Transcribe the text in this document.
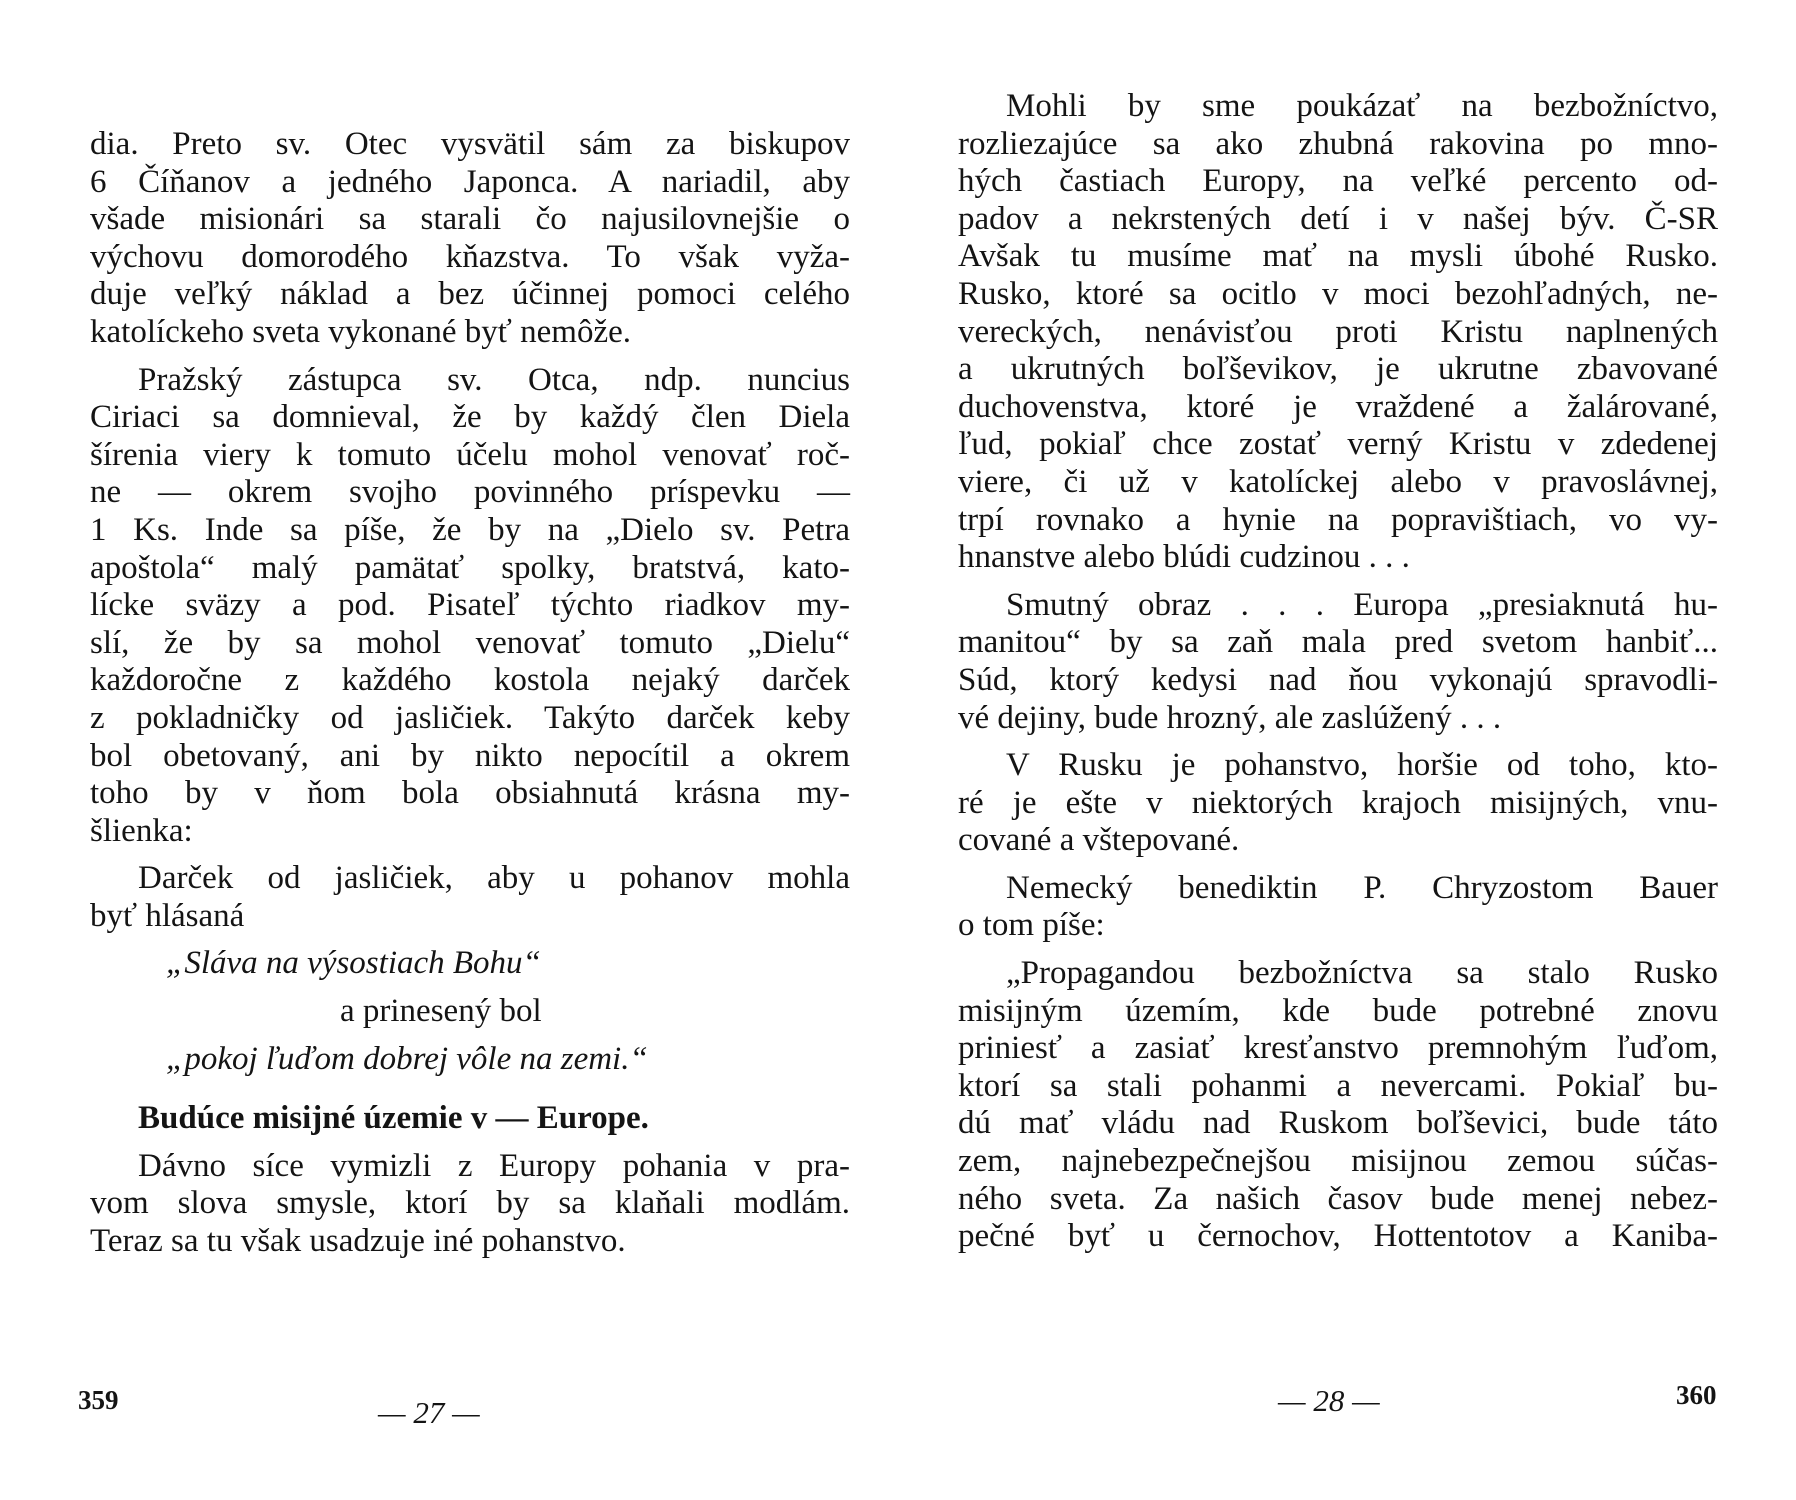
dia. Preto sv. Otec vysvätil sám za biskupov
6 Číňanov a jedného Japonca. A nariadil, aby
všade misionári sa starali čo najusilovnejšie o
výchovu domorodého kňazstva. To však vyža-
duje veľký náklad a bez účinnej pomoci celého
katolíckeho sveta vykonané byť nemôže.
Pražský zástupca sv. Otca, ndp. nuncius
Ciriaci sa domnieval, že by každý člen Diela
šírenia viery k tomuto účelu mohol venovať roč-
ne — okrem svojho povinného príspevku —
1 Ks. Inde sa píše, že by na „Dielo sv. Petra
apoštola“ malý pamätať spolky, bratstvá, kato-
lícke sväzy a pod. Pisateľ týchto riadkov my-
slí, že by sa mohol venovať tomuto „Dielu“
každoročne z každého kostola nejaký darček
z pokladničky od jasličiek. Takýto darček keby
bol obetovaný, ani by nikto nepocítil a okrem
toho by v ňom bola obsiahnutá krásna my-
šlienka:
Darček od jasličiek, aby u pohanov mohla
byť hlásaná
„Sláva na výsostiach Bohu“
a prinesený bol
„pokoj ľuďom dobrej vôle na zemi.“
Budúce misijné územie v — Europe.
Dávno síce vymizli z Europy pohania v pra-
vom slova smysle, ktorí by sa klaňali modlám.
Teraz sa tu však usadzuje iné pohanstvo.
359	— 27 —
Mohli by sme poukázať na bezbožníctvo,
rozliezajúce sa ako zhubná rakovina po mno-
hých častiach Europy, na veľké percento od-
padov a nekrstených detí i v našej býv. Č-SR
Avšak tu musíme mať na mysli úbohé Rusko.
Rusko, ktoré sa ocitlo v moci bezohľadných, ne-
vereckých, nenávisťou proti Kristu naplnených
a ukrutných boľševikov, je ukrutne zbavované
duchovenstva, ktoré je vraždené a žalárované,
ľud, pokiaľ chce zostať verný Kristu v zdedenej
viere, či už v katolíckej alebo v pravoslávnej,
trpí rovnako a hynie na popravištiach, vo vy-
hnanstve alebo blúdi cudzinou . . .
Smutný obraz . . . Europa „presiaknutá hu-
manitou“ by sa zaň mala pred svetom hanbiť...
Súd, ktorý kedysi nad ňou vykonajú spravodli-
vé dejiny, bude hrozný, ale zaslúžený . . .
V Rusku je pohanstvo, horšie od toho, kto-
ré je ešte v niektorých krajoch misijných, vnu-
cované a vštepované.
Nemecký benediktin P. Chryzostom Bauer
o tom píše:
„Propagandou bezbožníctva sa stalo Rusko
misijným územím, kde bude potrebné znovu
priniesť a zasiať kresťanstvo premnohým ľuďom,
ktorí sa stali pohanmi a nevercami. Pokiaľ bu-
dú mať vládu nad Ruskom boľševici, bude táto
zem, najnebezpečnejšou misijnou zemou súčas-
ného sveta. Za našich časov bude menej nebez-
pečné byť u černochov, Hottentotov a Kaniba-
— 28 —	360
